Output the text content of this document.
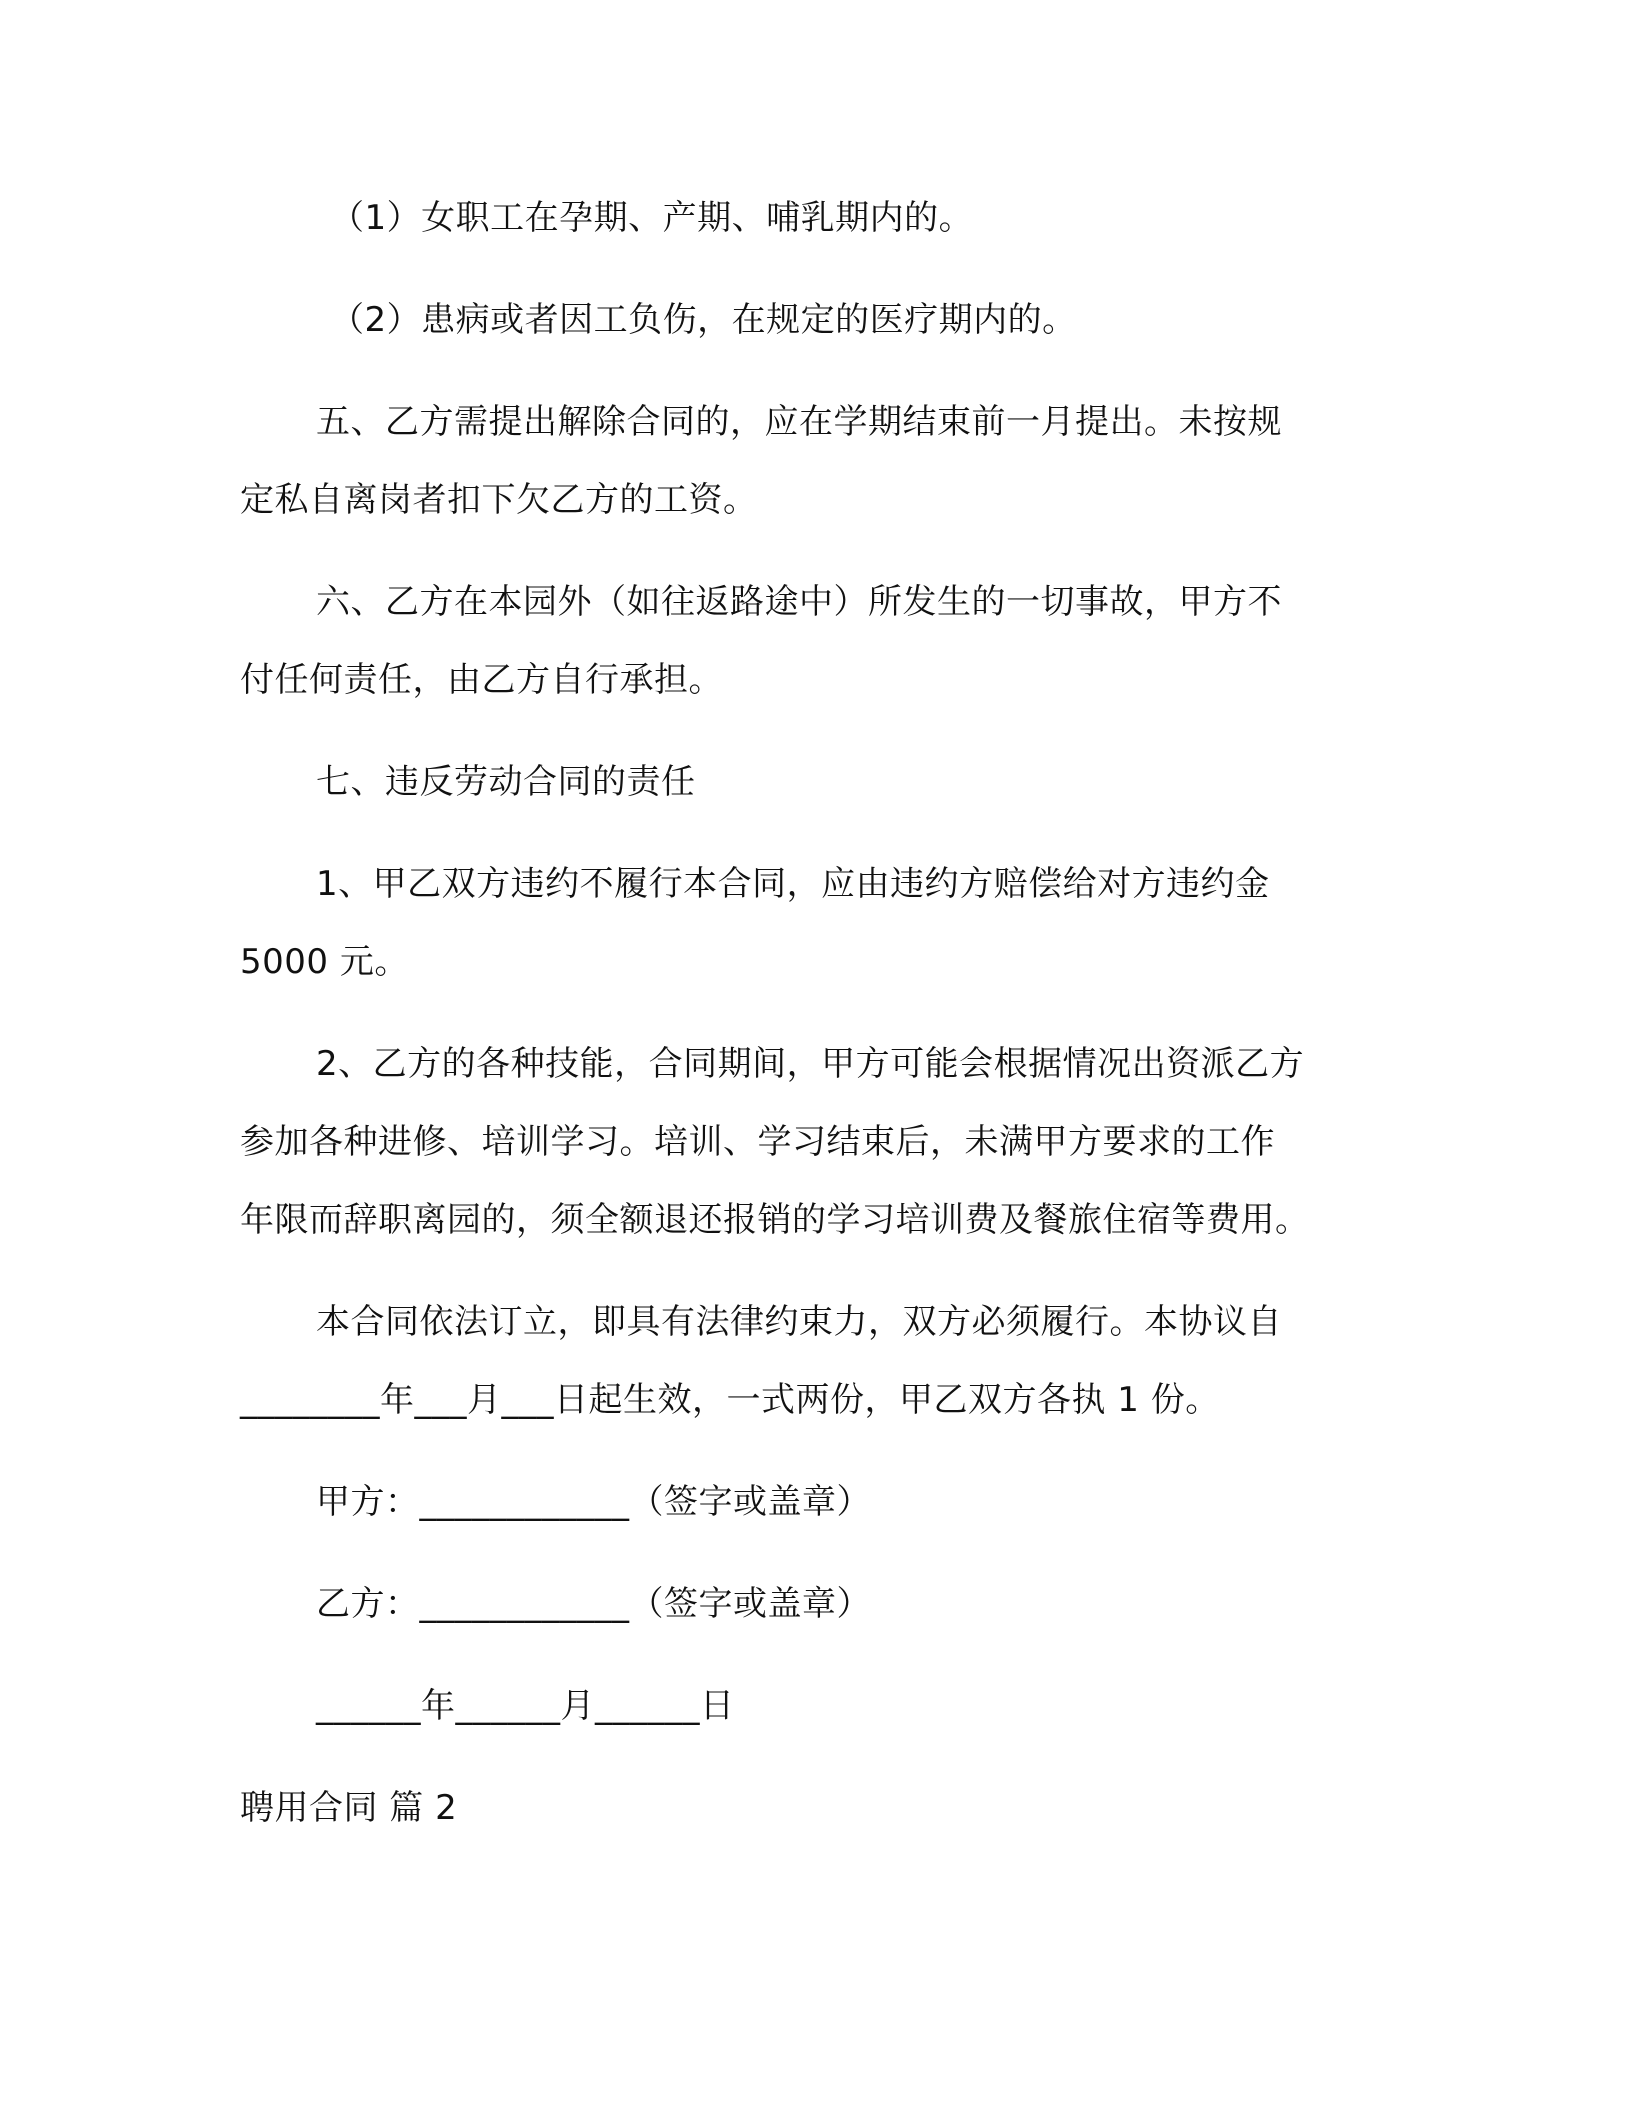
（1）女职工在孕期、产期、哺乳期内的。
（2）患病或者因工负伤，在规定的医疗期内的。
五、乙方需提出解除合同的，应在学期结束前一月提出。未按规
定私自离岗者扣下欠乙方的工资。
六、乙方在本园外（如往返路途中）所发生的一切事故，甲方不
付任何责任，由乙方自行承担。
七、违反劳动合同的责任
1、甲乙双方违约不履行本合同，应由违约方赔偿给对方违约金
5000 元。
2、乙方的各种技能，合同期间，甲方可能会根据情况出资派乙方
参加各种进修、培训学习。培训、学习结束后，未满甲方要求的工作
年限而辞职离园的，须全额退还报销的学习培训费及餐旅住宿等费用。
本合同依法订立，即具有法律约束力，双方必须履行。本协议自
________年___月___日起生效，一式两份，甲乙双方各执 1 份。
甲方：____________（签字或盖章）
乙方：____________（签字或盖章）
______年______月______日
聘用合同 篇 2
